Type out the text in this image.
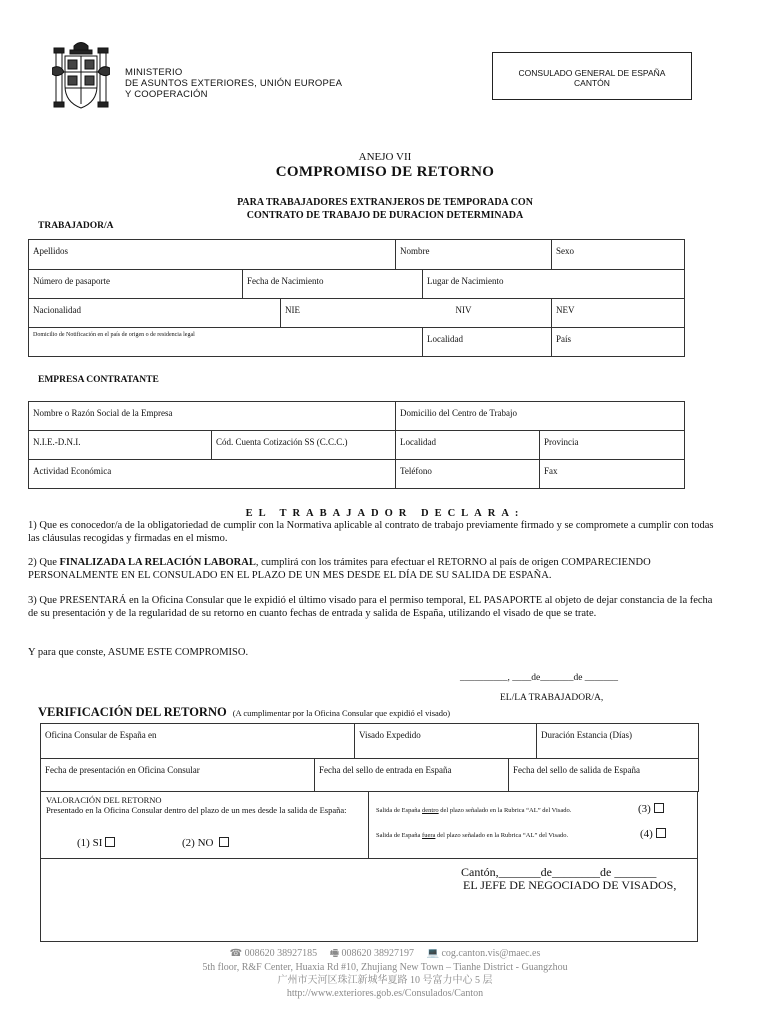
MINISTERIO
DE ASUNTOS EXTERIORES, UNIÓN EUROPEA
Y COOPERACIÓN
CONSULADO GENERAL DE ESPAÑA
CANTÓN
ANEJO VII
COMPROMISO DE RETORNO
PARA TRABAJADORES EXTRANJEROS DE TEMPORADA CON
CONTRATO DE TRABAJO DE DURACION DETERMINADA
TRABAJADOR/A
Apellidos			Nombre		Sexo
Número de pasaporte	Fecha de Nacimiento			Lugar de Nacimiento	
Nacionalidad		NIE NIV			NEV
Domicilio de Notificación en el país de origen o de residencia legal				Localidad	País
EMPRESA CONTRATANTE
Nombre o Razón Social de la Empresa		Domicilio del Centro de Trabajo	
N.I.E.-D.N.I.	Cód. Cuenta Cotización SS (C.C.C.)	Localidad	Provincia
Actividad Económica		Teléfono	Fax
EL TRABAJADOR DECLARA:
1) Que es conocedor/a de la obligatoriedad de cumplir con la Normativa aplicable al contrato de trabajo previamente firmado y se compromete a cumplir con todas las cláusulas recogidas y firmadas en el mismo.
2) Que FINALIZADA LA RELACIÓN LABORAL, cumplirá con los trámites para efectuar el RETORNO al país de origen COMPARECIENDO PERSONALMENTE EN EL CONSULADO EN EL PLAZO DE UN MES DESDE EL DÍA DE SU SALIDA DE ESPAÑA.
3) Que PRESENTARÁ en la Oficina Consular que le expidió el último visado para el permiso temporal, EL PASAPORTE al objeto de dejar constancia de la fecha de su presentación y de la regularidad de su retorno en cuanto fechas de entrada y salida de España, utilizando el visado de que se trate.
Y para que conste, ASUME ESTE COMPROMISO.
__________, ____de_______de _______
EL/LA TRABAJADOR/A,
VERIFICACIÓN DEL RETORNO (A cumplimentar por la Oficina Consular que expidió el visado)
Oficina Consular de España en		Visado Expedido		Duración Estancia (Días)
Fecha de presentación en Oficina Consular	Fecha del sello de entrada en España		Fecha del sello de salida de España	
VALORACIÓN DEL RETORNO
Presentado en la Oficina Consular dentro del plazo de un mes desde la salida de España:
(1) SI	(2) NO
Salida de España dentro del plazo señalado en la Rubrica “AL” del Visado.	(3)
Salida de España fuera del plazo señalado en la Rubrica “AL” del Visado.	(4)
Cantón,_______de________de _______
EL JEFE DE NEGOCIADO DE VISADOS,
☎ 008620 38927185 🖷 008620 38927197 💻 cog.canton.vis@maec.es
5th floor, R&F Center, Huaxia Rd #10, Zhujiang New Town – Tianhe District - Guangzhou
广州市天河区珠江新城华夏路 10 号富力中心 5 层
http://www.exteriores.gob.es/Consulados/Canton
